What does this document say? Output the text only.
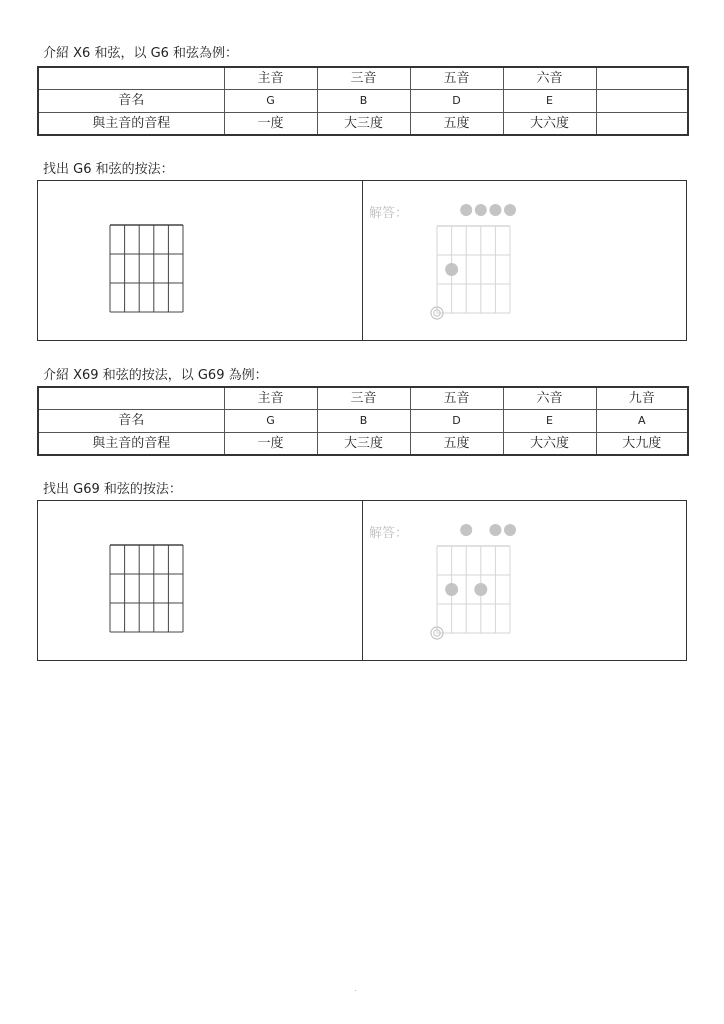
介紹 X6 和弦，以 G6 和弦為例：
	主音	三音	五音	六音	
音名	G	B	D	E	
與主音的音程	一度	大三度	五度	大六度	
找出 G6 和弦的按法：
解答：
介紹 X69 和弦的按法，以 G69 為例：
	主音	三音	五音	六音	九音
音名	G	B	D	E	A
與主音的音程	一度	大三度	五度	大六度	大九度
找出 G69 和弦的按法：
解答：
.
